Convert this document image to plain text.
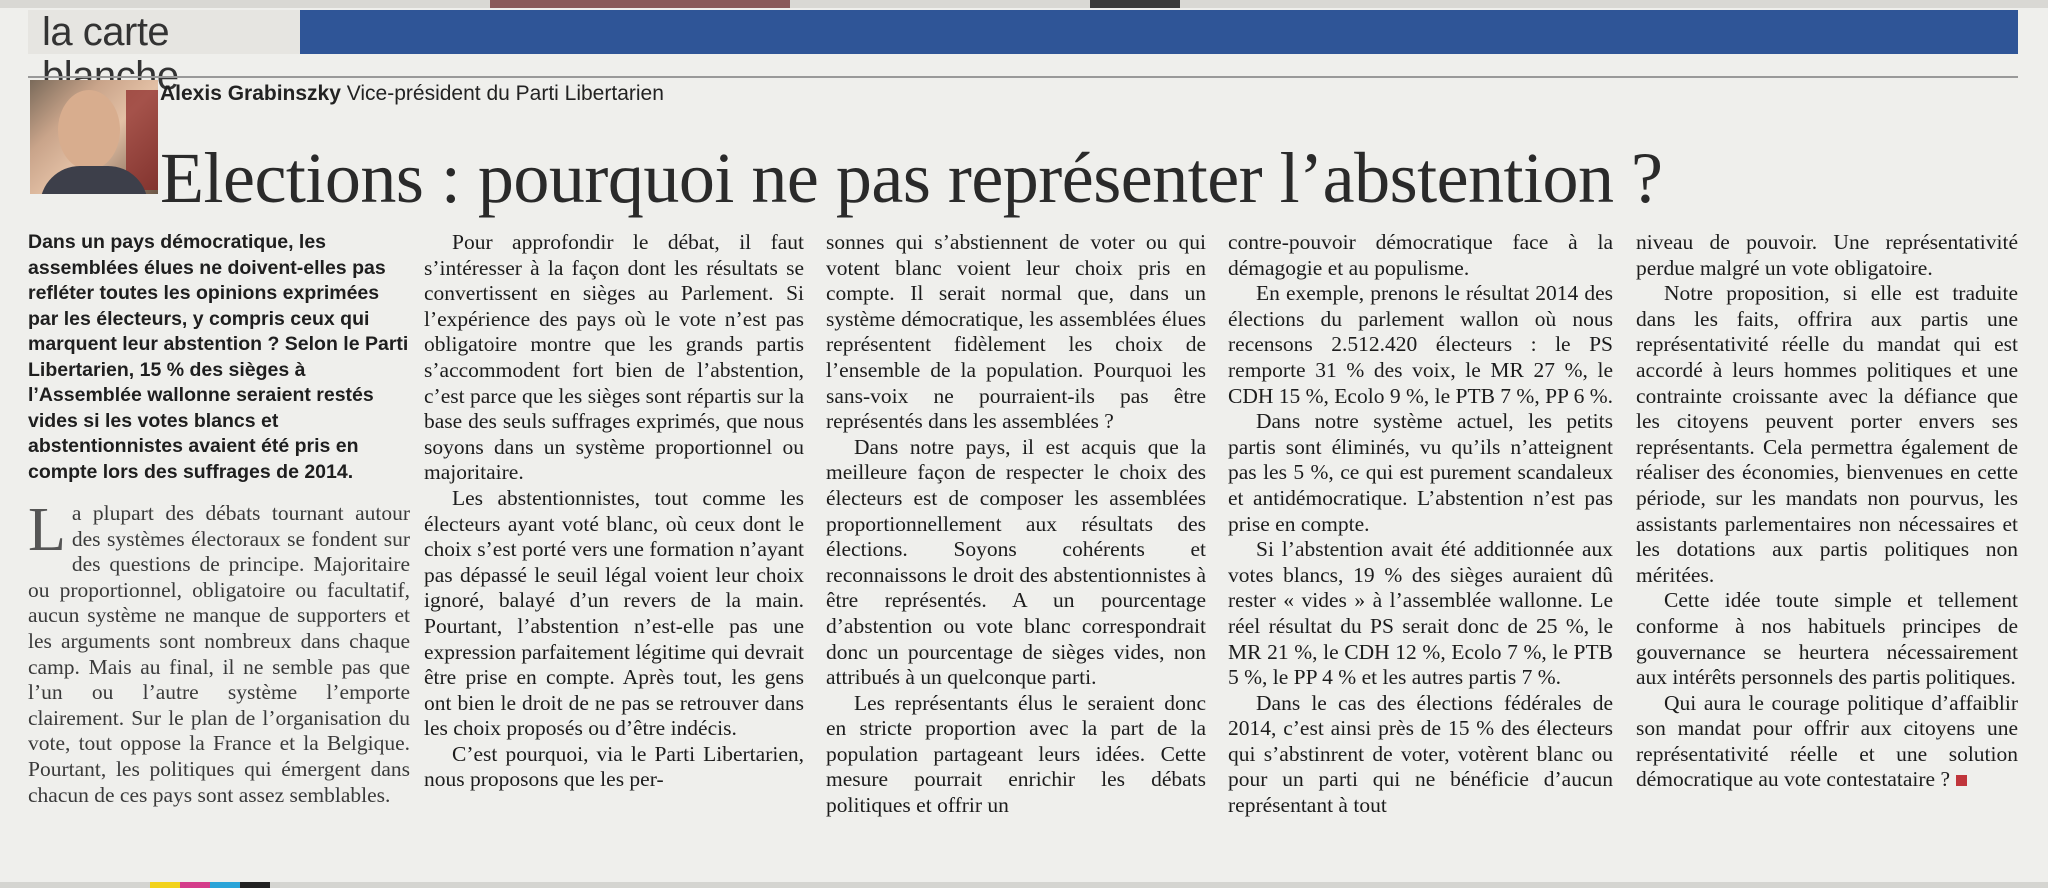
la carte
Alexis Grabinszky Vice-président du Parti Libertarien
Elections : pourquoi ne pas représenter l’abstention ?
Dans un pays démocratique, les assemblées élues ne doivent-elles pas refléter toutes les opinions exprimées par les électeurs, y compris ceux qui marquent leur abstention ? Selon le Parti Libertarien, 15 % des sièges à l’Assemblée wallonne seraient restés vides si les votes blancs et abstentionnistes avaient été pris en compte lors des suffrages de 2014.
La plupart des débats tournant autour des systèmes électoraux se fondent sur des questions de principe. Majoritaire ou proportionnel, obligatoire ou facultatif, aucun système ne manque de supporters et les arguments sont nombreux dans chaque camp. Mais au final, il ne semble pas que l’un ou l’autre système l’emporte clairement. Sur le plan de l’organisation du vote, tout oppose la France et la Belgique. Pourtant, les politiques qui émergent dans chacun de ces pays sont assez semblables.

Pour approfondir le débat, il faut s’intéresser à la façon dont les résultats se convertissent en sièges au Parlement. Si l’expérience des pays où le vote n’est pas obligatoire montre que les grands partis s’accommodent fort bien de l’abstention, c’est parce que les sièges sont répartis sur la base des seuls suffrages exprimés, que nous soyons dans un système proportionnel ou majoritaire.

Les abstentionnistes, tout comme les électeurs ayant voté blanc, où ceux dont le choix s’est porté vers une formation n’ayant pas dépassé le seuil légal voient leur choix ignoré, balayé d’un revers de la main. Pourtant, l’abstention n’est-elle pas une expression parfaitement légitime qui devrait être prise en compte. Après tout, les gens ont bien le droit de ne pas se retrouver dans les choix proposés ou d’être indécis.

C’est pourquoi, via le Parti Libertarien, nous proposons que les per-

sonnes qui s’abstiennent de voter ou qui votent blanc voient leur choix pris en compte. Il serait normal que, dans un système démocratique, les assemblées élues représentent fidèlement les choix de l’ensemble de la population. Pourquoi les sans-voix ne pourraient-ils pas être représentés dans les assemblées ?

Dans notre pays, il est acquis que la meilleure façon de respecter le choix des électeurs est de composer les assemblées proportionnellement aux résultats des élections. Soyons cohérents et reconnaissons le droit des abstentionnistes à être représentés. A un pourcentage d’abstention ou vote blanc correspondrait donc un pourcentage de sièges vides, non attribués à un quelconque parti.

Les représentants élus le seraient donc en stricte proportion avec la part de la population partageant leurs idées. Cette mesure pourrait enrichir les débats politiques et offrir un

contre-pouvoir démocratique face à la démagogie et au populisme.

En exemple, prenons le résultat 2014 des élections du parlement wallon où nous recensons 2.512.420 électeurs : le PS remporte 31 % des voix, le MR 27 %, le CDH 15 %, Ecolo 9 %, le PTB 7 %, PP 6 %.

Dans notre système actuel, les petits partis sont éliminés, vu qu’ils n’atteignent pas les 5 %, ce qui est purement scandaleux et antidémocratique. L’abstention n’est pas prise en compte.

Si l’abstention avait été additionnée aux votes blancs, 19 % des sièges auraient dû rester « vides » à l’assemblée wallonne. Le réel résultat du PS serait donc de 25 %, le MR 21 %, le CDH 12 %, Ecolo 7 %, le PTB 5 %, le PP 4 % et les autres partis 7 %.

Dans le cas des élections fédérales de 2014, c’est ainsi près de 15 % des électeurs qui s’abstinrent de voter, votèrent blanc ou pour un parti qui ne bénéficie d’aucun représentant à tout

niveau de pouvoir. Une représentativité perdue malgré un vote obligatoire.

Notre proposition, si elle est traduite dans les faits, offrira aux partis une représentativité réelle du mandat qui est accordé à leurs hommes politiques et une contrainte croissante avec la défiance que les citoyens peuvent porter envers ses représentants. Cela permettra également de réaliser des économies, bienvenues en cette période, sur les mandats non pourvus, les assistants parlementaires non nécessaires et les dotations aux partis politiques non méritées.

Cette idée toute simple et tellement conforme à nos habituels principes de gouvernance se heurtera nécessairement aux intérêts personnels des partis politiques.

Qui aura le courage politique d’affaiblir son mandat pour offrir aux citoyens une représentativité réelle et une solution démocratique au vote contestataire ?
